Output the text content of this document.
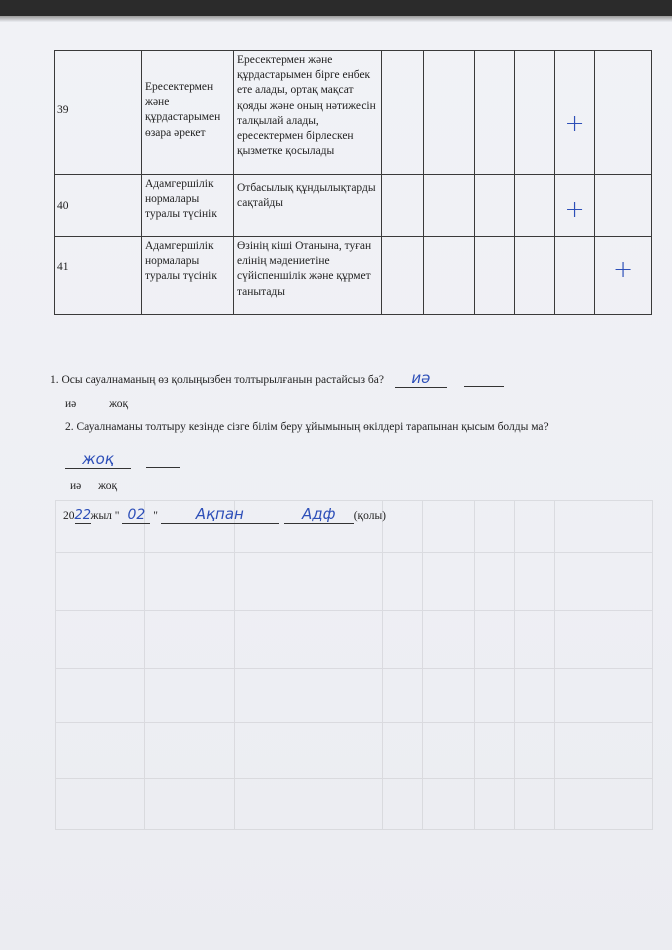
39	Ересектермен жəне құрдастарымен өзара əрекет	Ересектермен жəне құрдастарымен бірге енбек ете алады, ортақ мақсат қояды жəне оның нəтижесін талқылай алады, ересектермен бірлескен қызметке қосылады					+	

40	Адамгершілік нормалары туралы түсінік	Отбасылық құндылықтарды сақтайды					+	

41	Адамгершілік нормалары туралы түсінік	Өзінің кіші Отанына, туған елінің мəдениетіне сүйіспеншілік жəне құрмет танытады						+
1. Осы сауалнаманың өз қолыңызбен толтырылғанын растайсыз ба? иə
иə	жоқ
2. Сауалнаманы толтыру кезінде сізге білім беру ұйымының өкілдері тарапынан қысым болды ма?
жоқ
иə жоқ
2022жыл " 02 "	Ақпан	Адф (қолы)
